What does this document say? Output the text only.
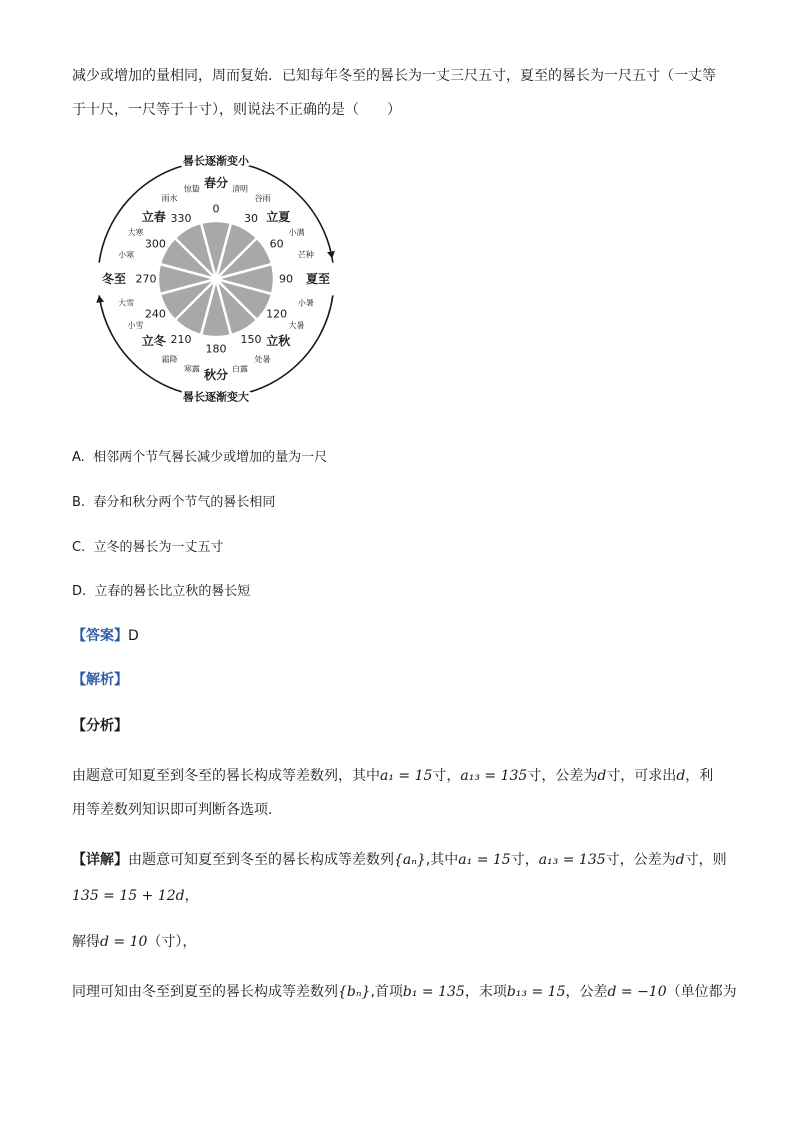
减少或增加的量相同，周而复始．已知每年冬至的晷长为一丈三尺五寸，夏至的晷长为一尺五寸（一丈等
于十尺，一尺等于十寸），则说法不正确的是（　　）
0
30
60
90
120
150
180
210
240
270
300
330
清明
谷雨
小满
芒种
小暑
大暑
处暑
白露
寒露
霜降
小雪
大雪
小寒
大寒
雨水
惊蛰 春分
立夏
夏至
立秋
秋分
立冬
冬至
立春
晷长逐渐变小
晷长逐渐变大
A. 相邻两个节气晷长减少或增加的量为一尺
B. 春分和秋分两个节气的晷长相同
C. 立冬的晷长为一丈五寸
D. 立春的晷长比立秋的晷长短
【答案】D
【解析】
【分析】
由题意可知夏至到冬至的晷长构成等差数列，其中a₁ = 15寸，a₁₃ = 135寸，公差为d寸，可求出d，利
用等差数列知识即可判断各选项.
【详解】由题意可知夏至到冬至的晷长构成等差数列{aₙ},其中a₁ = 15寸，a₁₃ = 135寸，公差为d寸，则
135 = 15 + 12d，
解得d = 10（寸），
同理可知由冬至到夏至的晷长构成等差数列{bₙ},首项b₁ = 135，末项b₁₃ = 15，公差d = −10（单位都为
